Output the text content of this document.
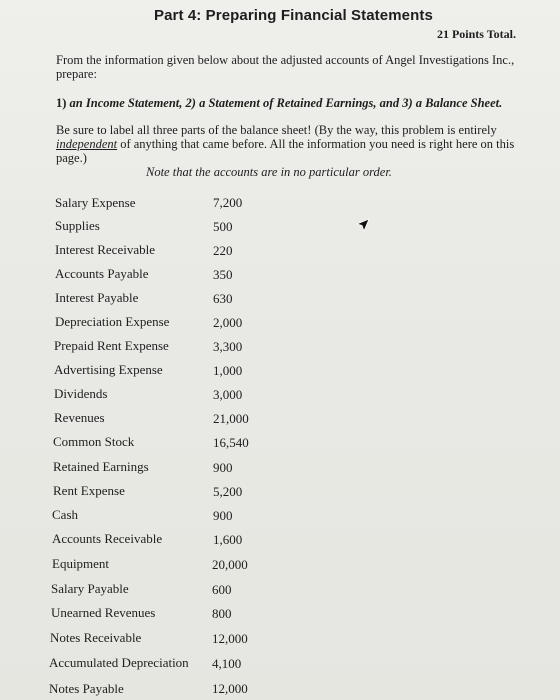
Part 4: Preparing Financial Statements
21 Points Total.
From the information given below about the adjusted accounts of Angel Investigations Inc., prepare:
1) an Income Statement, 2) a Statement of Retained Earnings, and 3) a Balance Sheet.
Be sure to label all three parts of the balance sheet! (By the way, this problem is entirely independent of anything that came before. All the information you need is right here on this page.)
Note that the accounts are in no particular order.
Salary Expense	7,200
Supplies	500
Interest Receivable	220
Accounts Payable	350
Interest Payable	630
Depreciation Expense	2,000
Prepaid Rent Expense	3,300
Advertising Expense	1,000
Dividends	3,000
Revenues	21,000
Common Stock	16,540
Retained Earnings	900
Rent Expense	5,200
Cash	900
Accounts Receivable	1,600
Equipment	20,000
Salary Payable	600
Unearned Revenues	800
Notes Receivable	12,000
Accumulated Depreciation 4,100
Notes Payable	12,000
